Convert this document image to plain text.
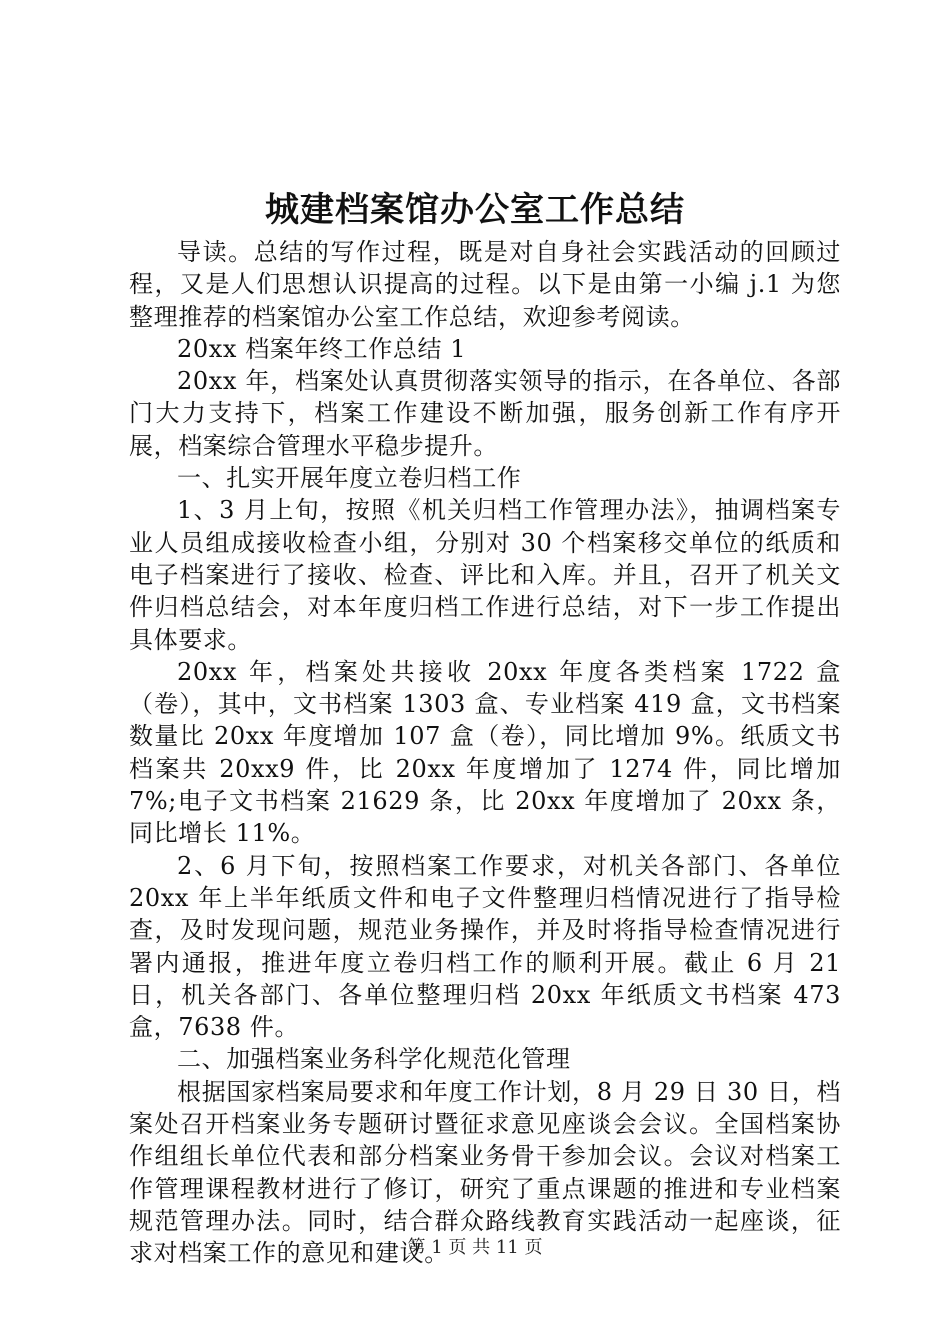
城建档案馆办公室工作总结

导读。总结的写作过程，既是对自身社会实践活动的回顾过程，又是人们思想认识提高的过程。以下是由第一小编 j.1 为您整理推荐的档案馆办公室工作总结，欢迎参考阅读。

20xx 档案年终工作总结 1

20xx 年，档案处认真贯彻落实领导的指示，在各单位、各部门大力支持下，档案工作建设不断加强，服务创新工作有序开展，档案综合管理水平稳步提升。

一、扎实开展年度立卷归档工作

1、3 月上旬，按照《机关归档工作管理办法》，抽调档案专业人员组成接收检查小组，分别对 30 个档案移交单位的纸质和电子档案进行了接收、检查、评比和入库。并且，召开了机关文件归档总结会，对本年度归档工作进行总结，对下一步工作提出具体要求。

20xx 年，档案处共接收 20xx 年度各类档案 1722 盒（卷），其中，文书档案 1303 盒、专业档案 419 盒，文书档案数量比 20xx 年度增加 107 盒（卷），同比增加 9%。纸质文书档案共 20xx9 件，比 20xx 年度增加了 1274 件，同比增加 7%;电子文书档案 21629 条，比 20xx 年度增加了 20xx 条，同比增长 11%。

2、6 月下旬，按照档案工作要求，对机关各部门、各单位 20xx 年上半年纸质文件和电子文件整理归档情况进行了指导检查，及时发现问题，规范业务操作，并及时将指导检查情况进行署内通报，推进年度立卷归档工作的顺利开展。截止 6 月 21 日，机关各部门、各单位整理归档 20xx 年纸质文书档案 473 盒，7638 件。

二、加强档案业务科学化规范化管理

根据国家档案局要求和年度工作计划，8 月 29 日 30 日，档案处召开档案业务专题研讨暨征求意见座谈会会议。全国档案协作组组长单位代表和部分档案业务骨干参加会议。会议对档案工作管理课程教材进行了修订，研究了重点课题的推进和专业档案规范管理办法。同时，结合群众路线教育实践活动一起座谈，征求对档案工作的意见和建议。

第 1 页 共 11 页
